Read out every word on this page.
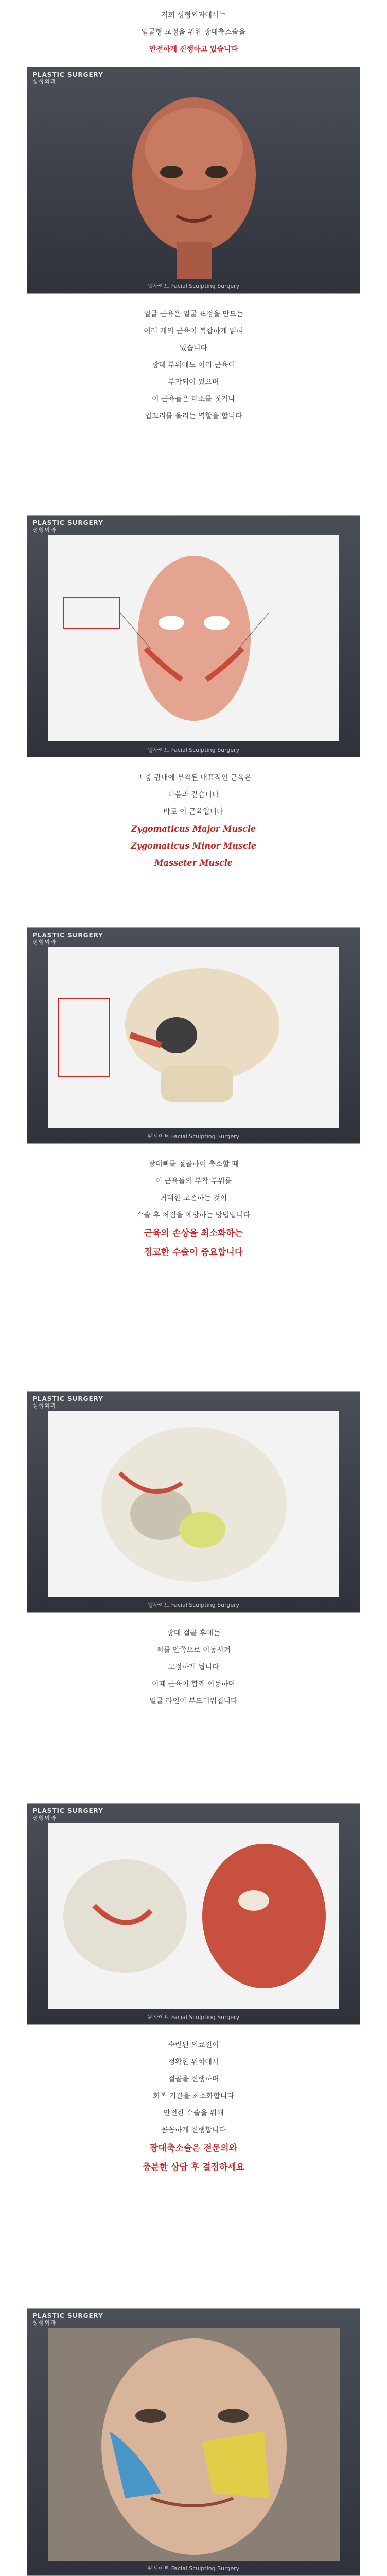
저희 성형외과에서는
얼굴형 교정을 위한 광대축소술을
안전하게 진행하고 있습니다
PLASTIC SURGERY
성형외과
웹사이트 Facial Sculpting Surgery
얼굴 근육은 얼굴 표정을 만드는
여러 개의 근육이 복잡하게 얽혀
있습니다
광대 부위에도 여러 근육이
부착되어 있으며
이 근육들은 미소를 짓거나
입꼬리를 올리는 역할을 합니다
PLASTIC SURGERY
성형외과
웹사이트 Facial Sculpting Surgery
그 중 광대에 부착된 대표적인 근육은
다음과 같습니다
바로 이 근육입니다
Zygomaticus Major Muscle
Zygomaticus Minor Muscle
Masseter Muscle
PLASTIC SURGERY
성형외과
웹사이트 Facial Sculpting Surgery
광대뼈를 절골하여 축소할 때
이 근육들의 부착 부위를
최대한 보존하는 것이
수술 후 처짐을 예방하는 방법입니다
근육의 손상을 최소화하는
정교한 수술이 중요합니다
PLASTIC SURGERY
성형외과
웹사이트 Facial Sculpting Surgery
광대 절골 후에는
뼈를 안쪽으로 이동시켜
고정하게 됩니다
이때 근육이 함께 이동하며
얼굴 라인이 부드러워집니다
PLASTIC SURGERY
성형외과
웹사이트 Facial Sculpting Surgery
숙련된 의료진이
정확한 위치에서
절골을 진행하며
회복 기간을 최소화합니다
안전한 수술을 위해
꼼꼼하게 진행합니다
광대축소술은 전문의와
충분한 상담 후 결정하세요
PLASTIC SURGERY
성형외과
웹사이트 Facial Sculpting Surgery
